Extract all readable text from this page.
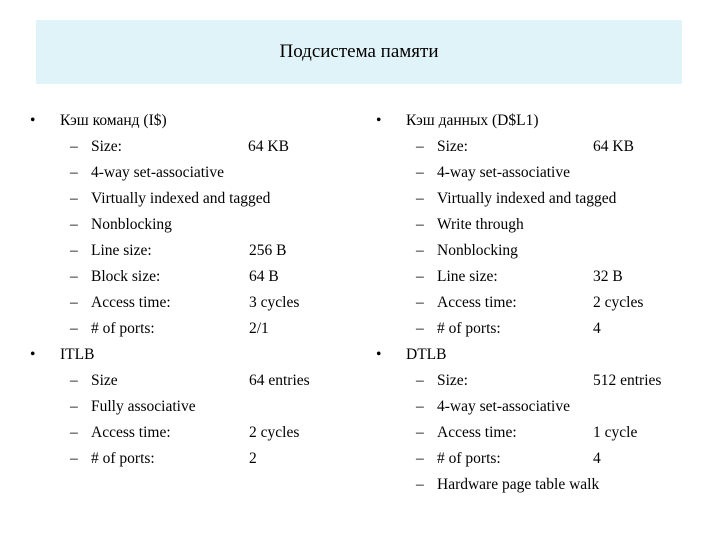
Подсистема памяти
• Кэш команд (I$)
– Size:	64 KB
– 4-way set-associative
– Virtually indexed and tagged
– Nonblocking
– Line size:	256 B
– Block size:	64 B
– Access time:	3 cycles
– # of ports:	2/1
• ITLB
– Size	64 entries
– Fully associative
– Access time:	2 cycles
– # of ports:	2
• Кэш данных (D$L1)
– Size:	64 KB
– 4-way set-associative
– Virtually indexed and tagged
– Write through
– Nonblocking
– Line size:	32 B
– Access time:	2 cycles
– # of ports:	4
• DTLB
– Size:	512 entries
– 4-way set-associative
– Access time:	1 cycle
– # of ports:	4
– Hardware page table walk
